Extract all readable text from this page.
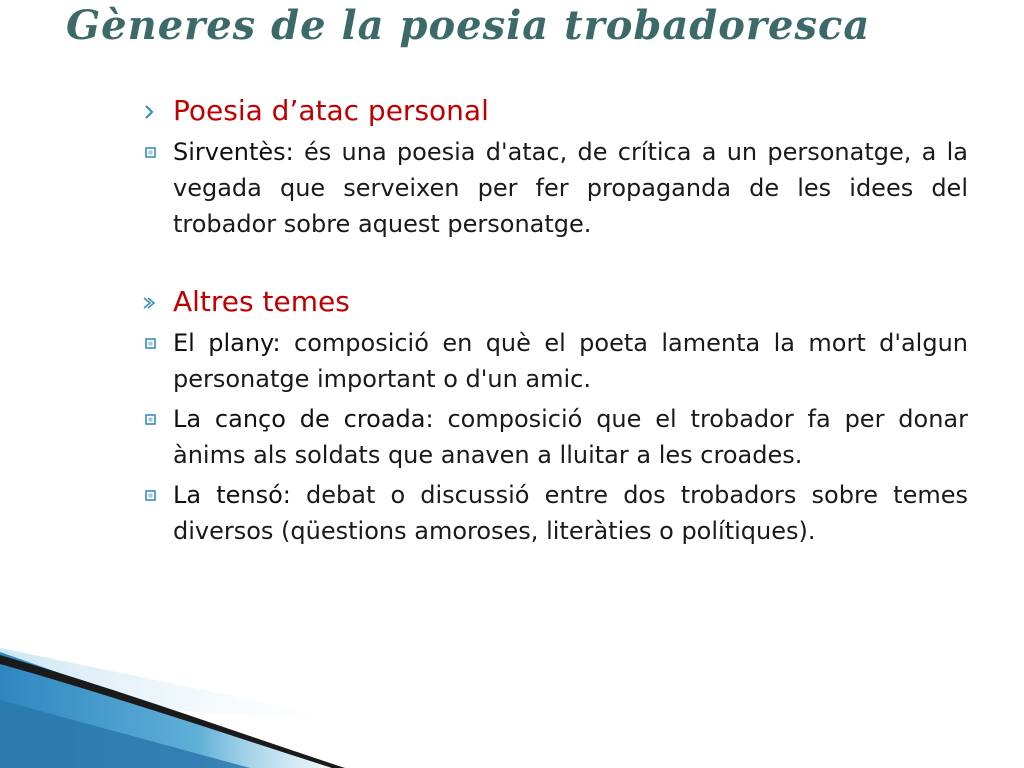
Gèneres de la poesia trobadoresca
Poesia d’atac personal
Sirventès: és una poesia d'atac, de crítica a un personatge, a la vegada que serveixen per fer propaganda de les idees del trobador sobre aquest personatge.
Altres temes
El plany: composició en què el poeta lamenta la mort d'algun personatge important o d'un amic.
La canço de croada: composició que el trobador fa per donar ànims als soldats que anaven a lluitar a les croades.
La tensó: debat o discussió entre dos trobadors sobre temes diversos (qüestions amoroses, literàties o polítiques).
